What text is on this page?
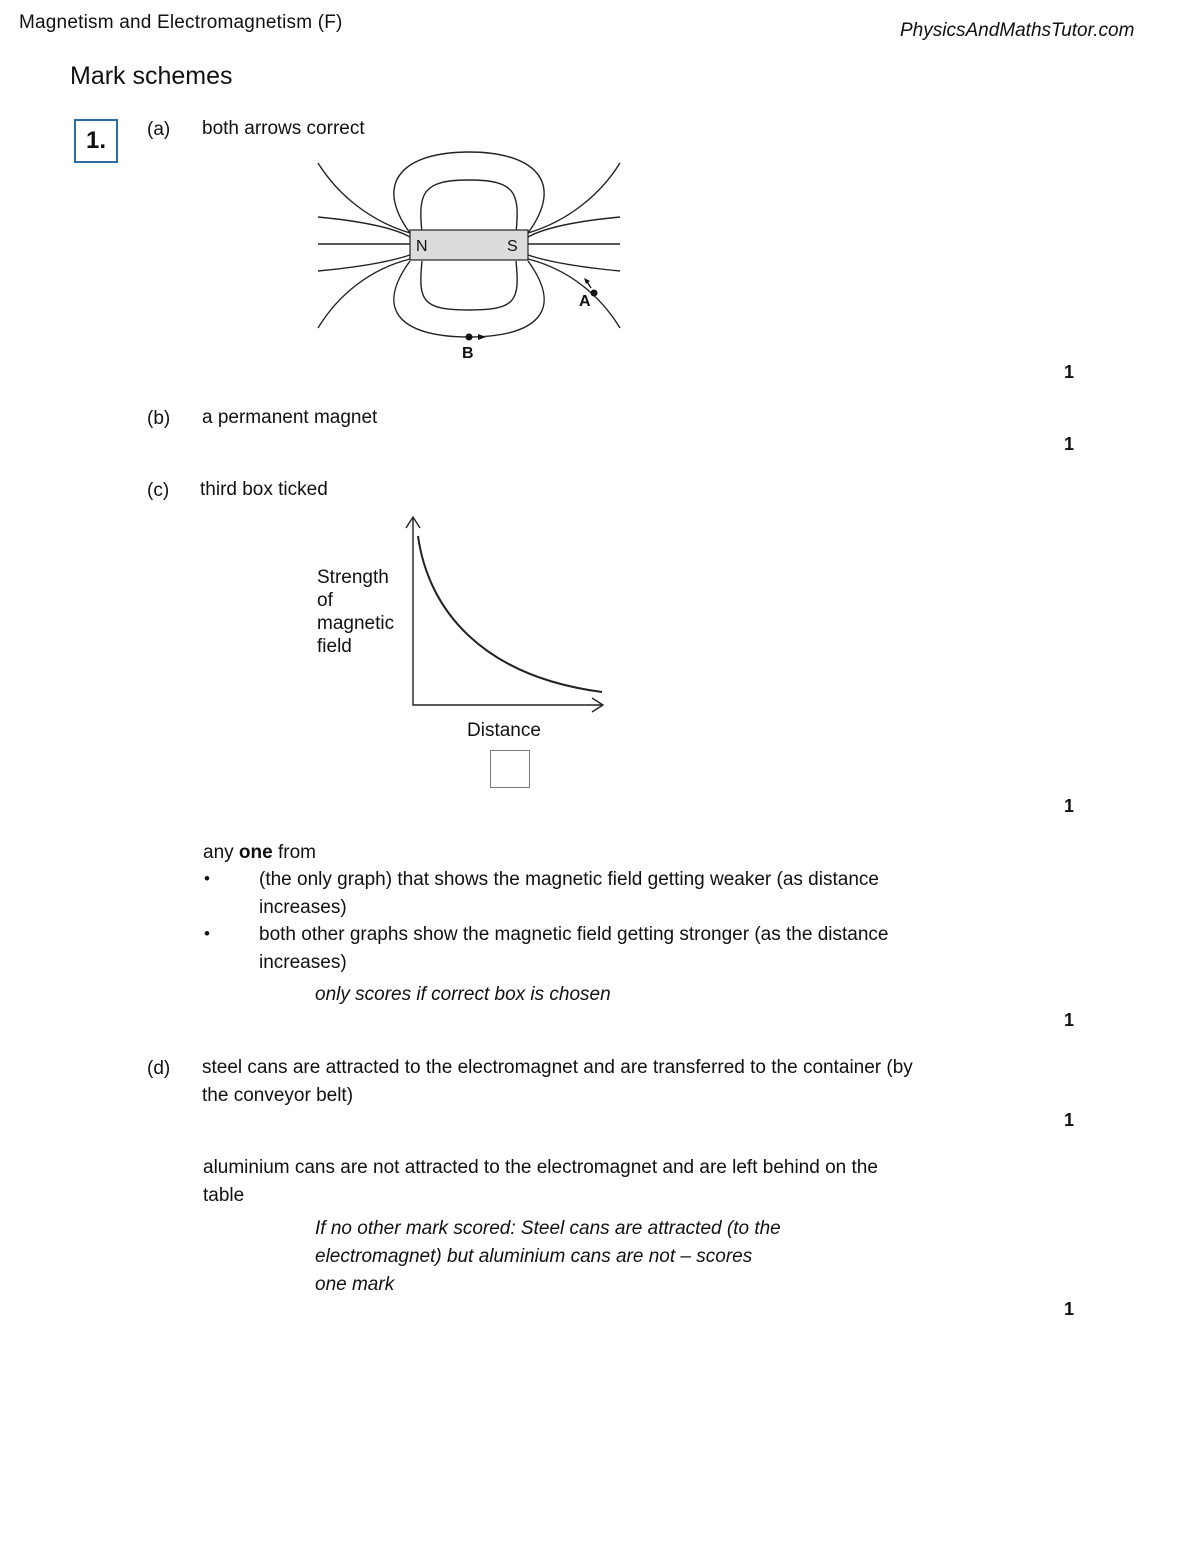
Magnetism and Electromagnetism (F)	PhysicsAndMathsTutor.com
Mark schemes
1.	(a) both arrows correct
N	S
A
B
1
(b) a permanent magnet
1
(c) third box ticked
Strength of magnetic field
Distance
1
any one from
•	(the only graph) that shows the magnetic field getting weaker (as distance
increases)
•	both other graphs show the magnetic field getting stronger (as the distance
increases)
only scores if correct box is chosen
1
(d) steel cans are attracted to the electromagnet and are transferred to the container (by
the conveyor belt)
1
aluminium cans are not attracted to the electromagnet and are left behind on the
table
If no other mark scored: Steel cans are attracted (to the
electromagnet) but aluminium cans are not – scores
one mark
1
